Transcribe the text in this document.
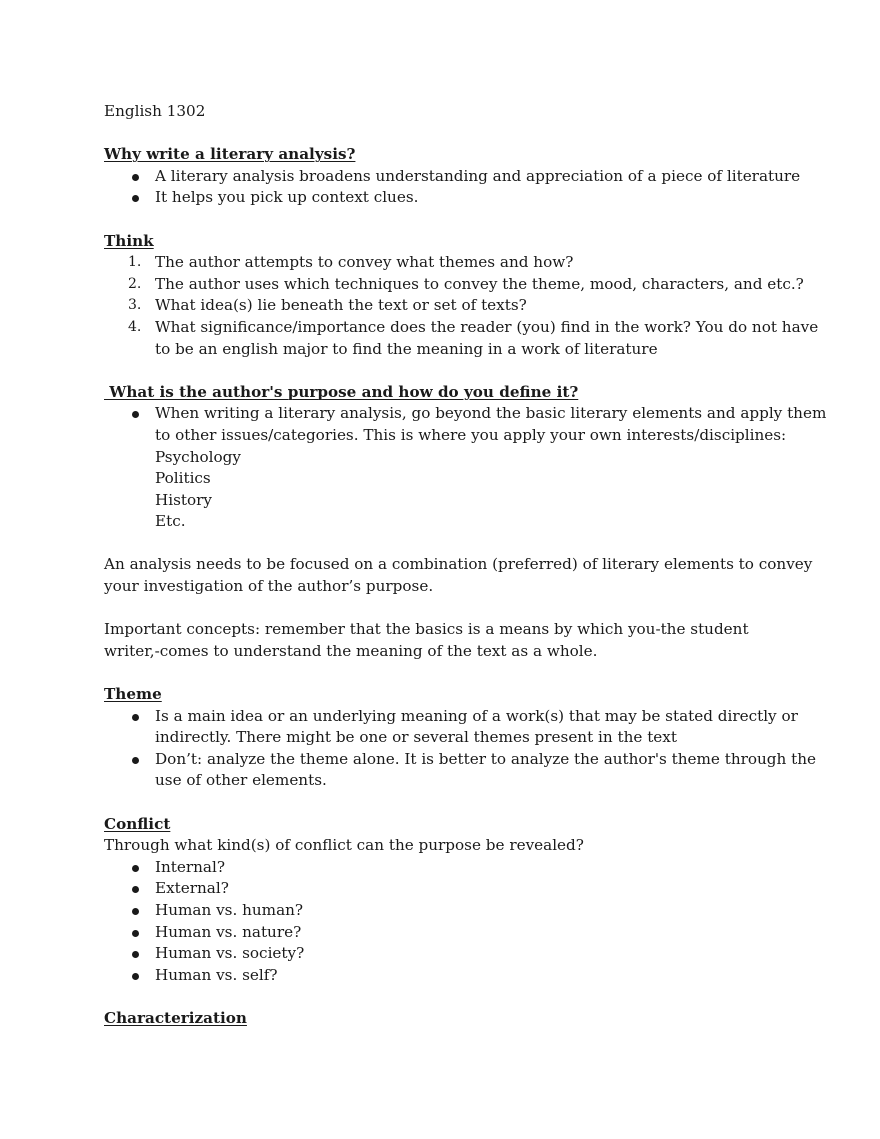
English 1302

Why write a literary analysis?

A literary analysis broadens understanding and appreciation of a piece of literature
It helps you pick up context clues.

Think

1. The author attempts to convey what themes and how?
2. The author uses which techniques to convey the theme, mood, characters, and etc.?
3. What idea(s) lie beneath the text or set of texts?
4. What significance/importance does the reader (you) find in the work? You do not have
to be an english major to find the meaning in a work of literature

What is the author's purpose and how do you define it?

When writing a literary analysis, go beyond the basic literary elements and apply them
to other issues/categories. This is where you apply your own interests/disciplines:
Psychology
Politics
History
Etc.

An analysis needs to be focused on a combination (preferred) of literary elements to convey

your investigation of the author’s purpose.

Important concepts: remember that the basics is a means by which you-the student

writer,-comes to understand the meaning of the text as a whole.

Theme

Is a main idea or an underlying meaning of a work(s) that may be stated directly or
indirectly. There might be one or several themes present in the text
Don’t: analyze the theme alone. It is better to analyze the author's theme through the
use of other elements.

Conflict

Through what kind(s) of conflict can the purpose be revealed?

Internal?
External?
Human vs. human?
Human vs. nature?
Human vs. society?
Human vs. self?

Characterization
